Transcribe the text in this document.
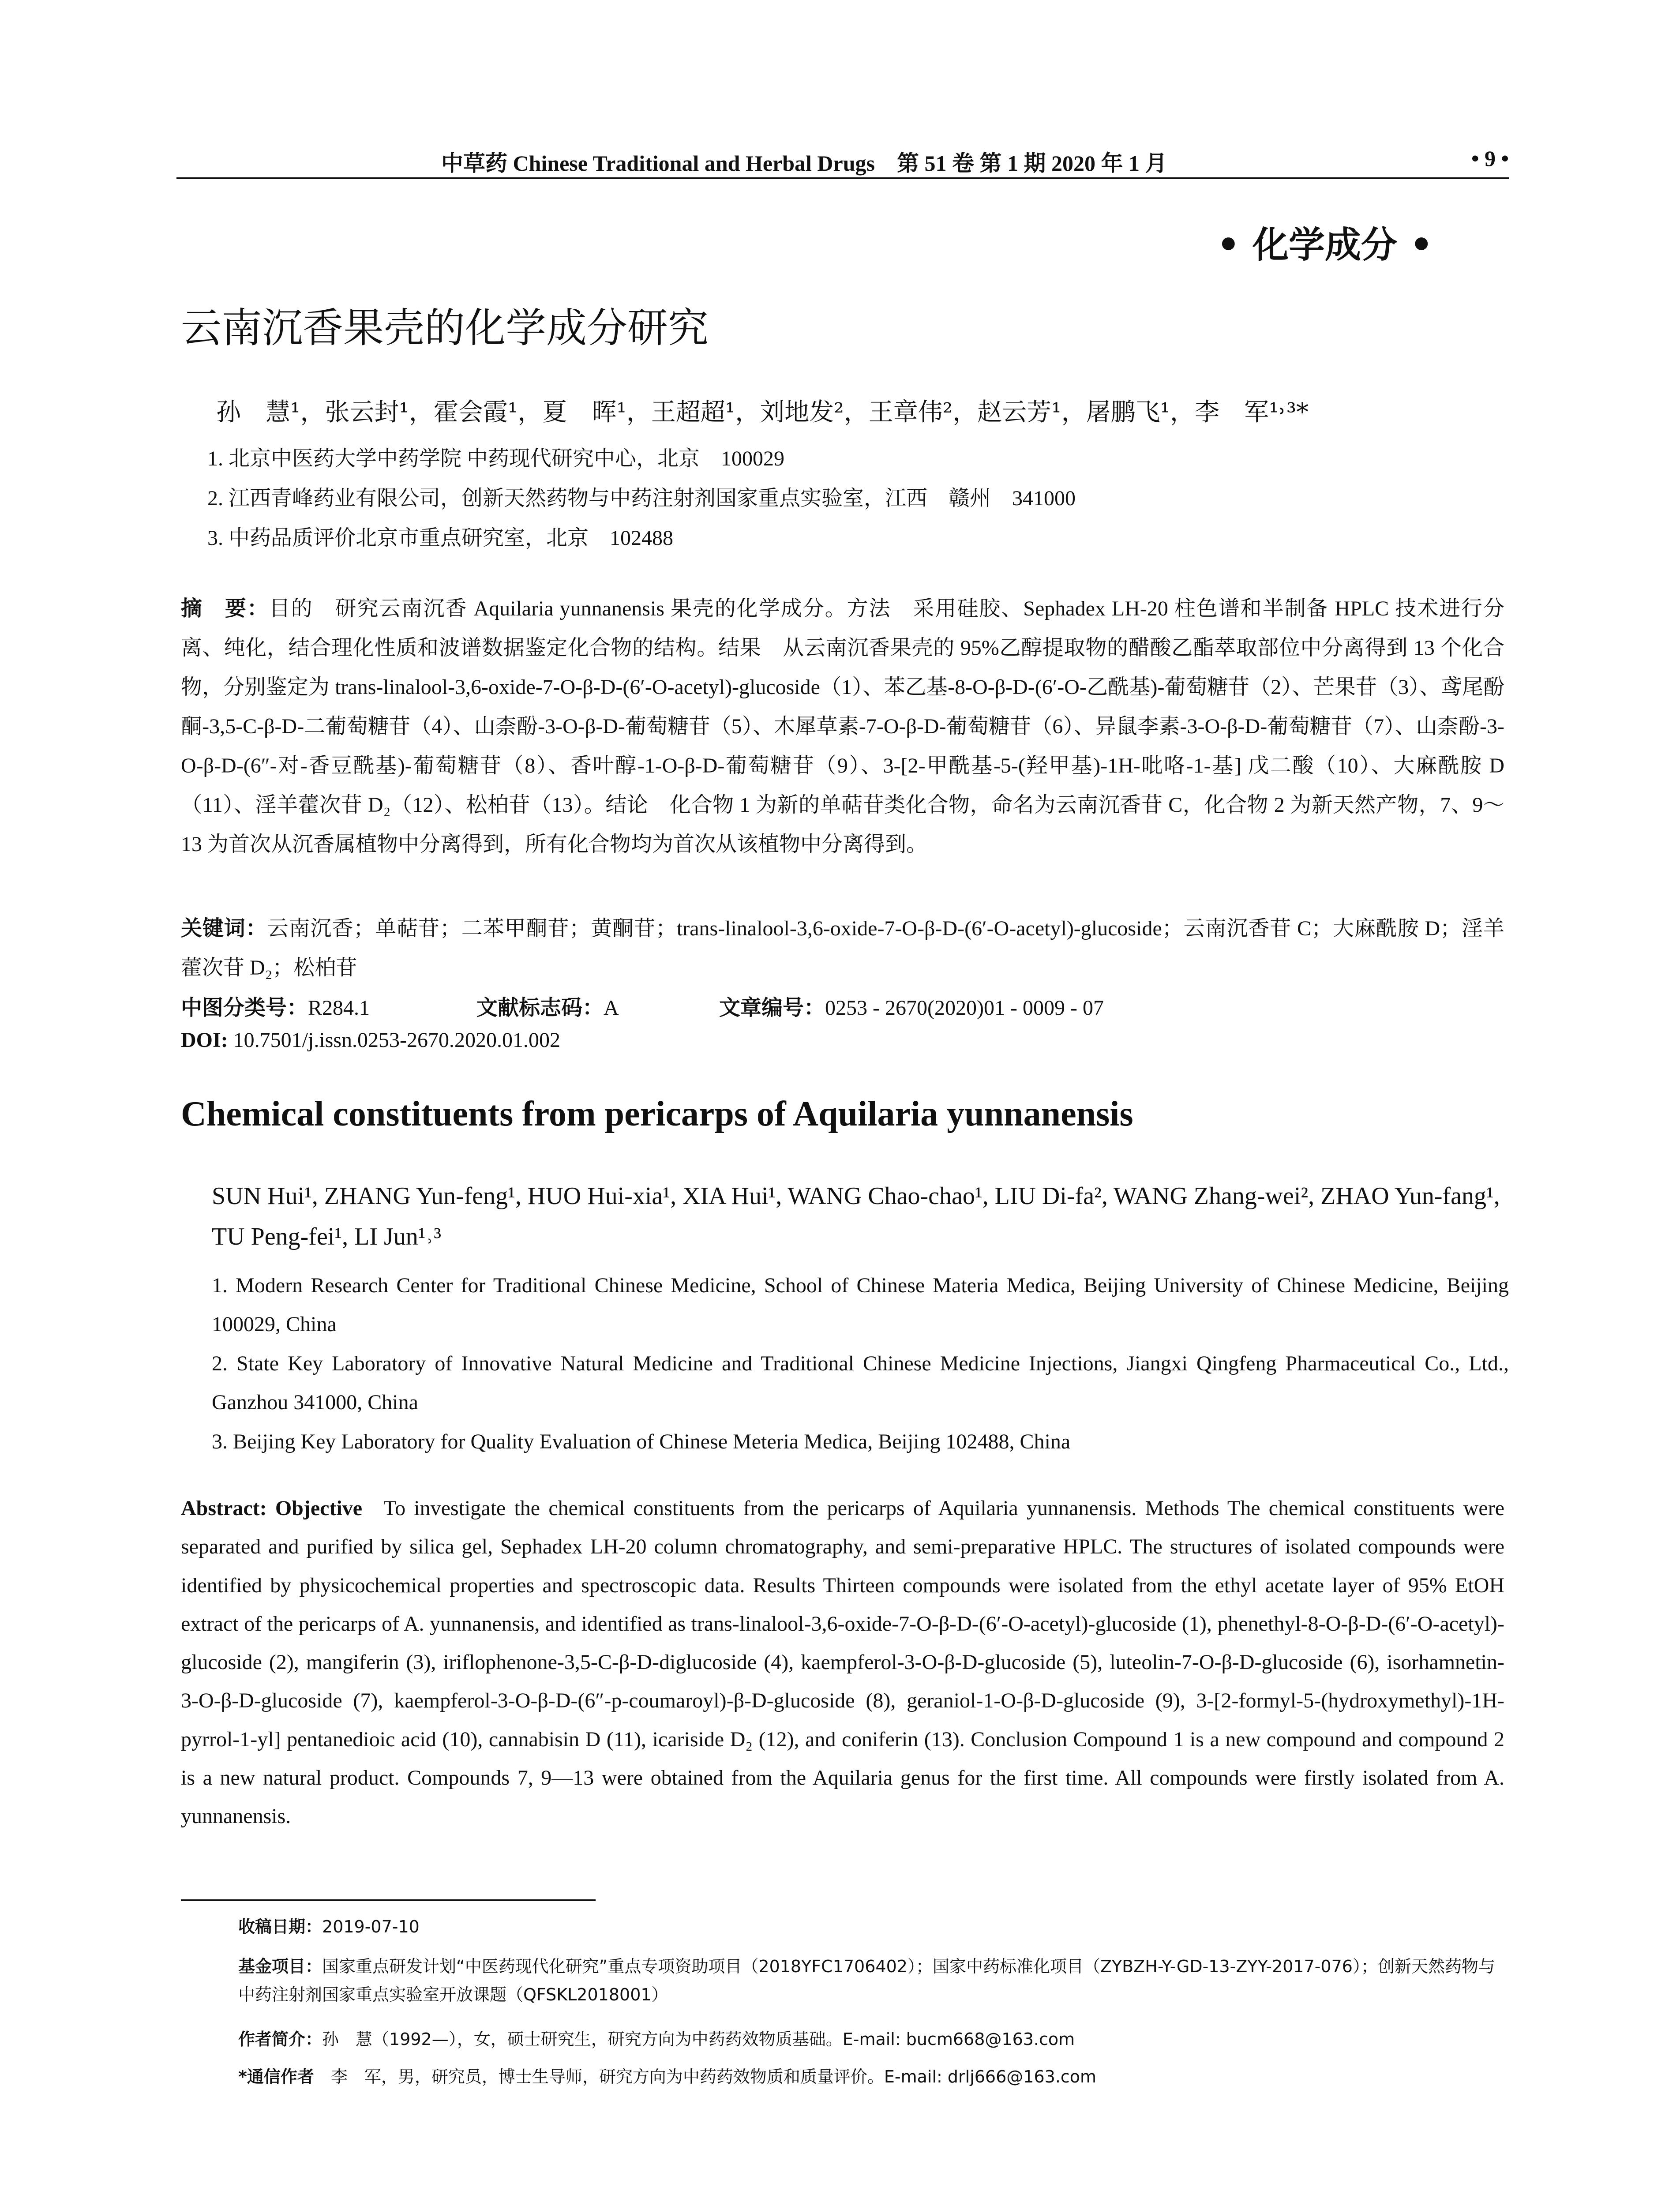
中草药 Chinese Traditional and Herbal Drugs　第 51 卷 第 1 期 2020 年 1 月	• 9 •
• 化学成分 •
云南沉香果壳的化学成分研究
孙　慧¹，张云封¹，霍会霞¹，夏　晖¹，王超超¹，刘地发²，王章伟²，赵云芳¹，屠鹏飞¹，李　军¹˒³*
1. 北京中医药大学中药学院 中药现代研究中心，北京　100029
2. 江西青峰药业有限公司，创新天然药物与中药注射剂国家重点实验室，江西　赣州　341000
3. 中药品质评价北京市重点研究室，北京　102488
摘　要：目的　研究云南沉香 Aquilaria yunnanensis 果壳的化学成分。方法　采用硅胶、Sephadex LH-20 柱色谱和半制备 HPLC 技术进行分离、纯化，结合理化性质和波谱数据鉴定化合物的结构。结果　从云南沉香果壳的 95%乙醇提取物的醋酸乙酯萃取部位中分离得到 13 个化合物，分别鉴定为 trans-linalool-3,6-oxide-7-O-β-D-(6′-O-acetyl)-glucoside（1）、苯乙基-8-O-β-D-(6′-O-乙酰基)-葡萄糖苷（2）、芒果苷（3）、鸢尾酚酮-3,5-C-β-D-二葡萄糖苷（4）、山柰酚-3-O-β-D-葡萄糖苷（5）、木犀草素-7-O-β-D-葡萄糖苷（6）、异鼠李素-3-O-β-D-葡萄糖苷（7）、山柰酚-3-O-β-D-(6″-对-香豆酰基)-葡萄糖苷（8）、香叶醇-1-O-β-D-葡萄糖苷（9）、3-[2-甲酰基-5-(羟甲基)-1H-吡咯-1-基] 戊二酸（10）、大麻酰胺 D（11）、淫羊藿次苷 D₂（12）、松柏苷（13）。结论　化合物 1 为新的单萜苷类化合物，命名为云南沉香苷 C，化合物 2 为新天然产物，7、9～13 为首次从沉香属植物中分离得到，所有化合物均为首次从该植物中分离得到。
关键词：云南沉香；单萜苷；二苯甲酮苷；黄酮苷；trans-linalool-3,6-oxide-7-O-β-D-(6′-O-acetyl)-glucoside；云南沉香苷 C；大麻酰胺 D；淫羊藿次苷 D₂；松柏苷
中图分类号：R284.1	文献标志码：A	文章编号：0253 - 2670(2020)01 - 0009 - 07
DOI: 10.7501/j.issn.0253-2670.2020.01.002
Chemical constituents from pericarps of Aquilaria yunnanensis
SUN Hui¹, ZHANG Yun-feng¹, HUO Hui-xia¹, XIA Hui¹, WANG Chao-chao¹, LIU Di-fa², WANG Zhang-wei², ZHAO Yun-fang¹, TU Peng-fei¹, LI Jun¹˒³
1. Modern Research Center for Traditional Chinese Medicine, School of Chinese Materia Medica, Beijing University of Chinese Medicine, Beijing 100029, China
2. State Key Laboratory of Innovative Natural Medicine and Traditional Chinese Medicine Injections, Jiangxi Qingfeng Pharmaceutical Co., Ltd., Ganzhou 341000, China
3. Beijing Key Laboratory for Quality Evaluation of Chinese Meteria Medica, Beijing 102488, China
Abstract: Objective  To investigate the chemical constituents from the pericarps of Aquilaria yunnanensis. Methods The chemical constituents were separated and purified by silica gel, Sephadex LH-20 column chromatography, and semi-preparative HPLC. The structures of isolated compounds were identified by physicochemical properties and spectroscopic data. Results Thirteen compounds were isolated from the ethyl acetate layer of 95% EtOH extract of the pericarps of A. yunnanensis, and identified as trans-linalool-3,6-oxide-7-O-β-D-(6′-O-acetyl)-glucoside (1), phenethyl-8-O-β-D-(6′-O-acetyl)-glucoside (2), mangiferin (3), iriflophenone-3,5-C-β-D-diglucoside (4), kaempferol-3-O-β-D-glucoside (5), luteolin-7-O-β-D-glucoside (6), isorhamnetin-3-O-β-D-glucoside (7), kaempferol-3-O-β-D-(6″-p-coumaroyl)-β-D-glucoside (8), geraniol-1-O-β-D-glucoside (9), 3-[2-formyl-5-(hydroxymethyl)-1H-pyrrol-1-yl] pentanedioic acid (10), cannabisin D (11), icariside D₂ (12), and coniferin (13). Conclusion Compound 1 is a new compound and compound 2 is a new natural product. Compounds 7, 9—13 were obtained from the Aquilaria genus for the first time. All compounds were firstly isolated from A. yunnanensis.
收稿日期：2019-07-10
基金项目：国家重点研发计划“中医药现代化研究”重点专项资助项目（2018YFC1706402）；国家中药标准化项目（ZYBZH-Y-GD-13-ZYY-2017-076）；创新天然药物与中药注射剂国家重点实验室开放课题（QFSKL2018001）
作者简介：孙　慧（1992—），女，硕士研究生，研究方向为中药药效物质基础。E-mail: bucm668@163.com
*通信作者  李　军，男，研究员，博士生导师，研究方向为中药药效物质和质量评价。E-mail: drlj666@163.com
